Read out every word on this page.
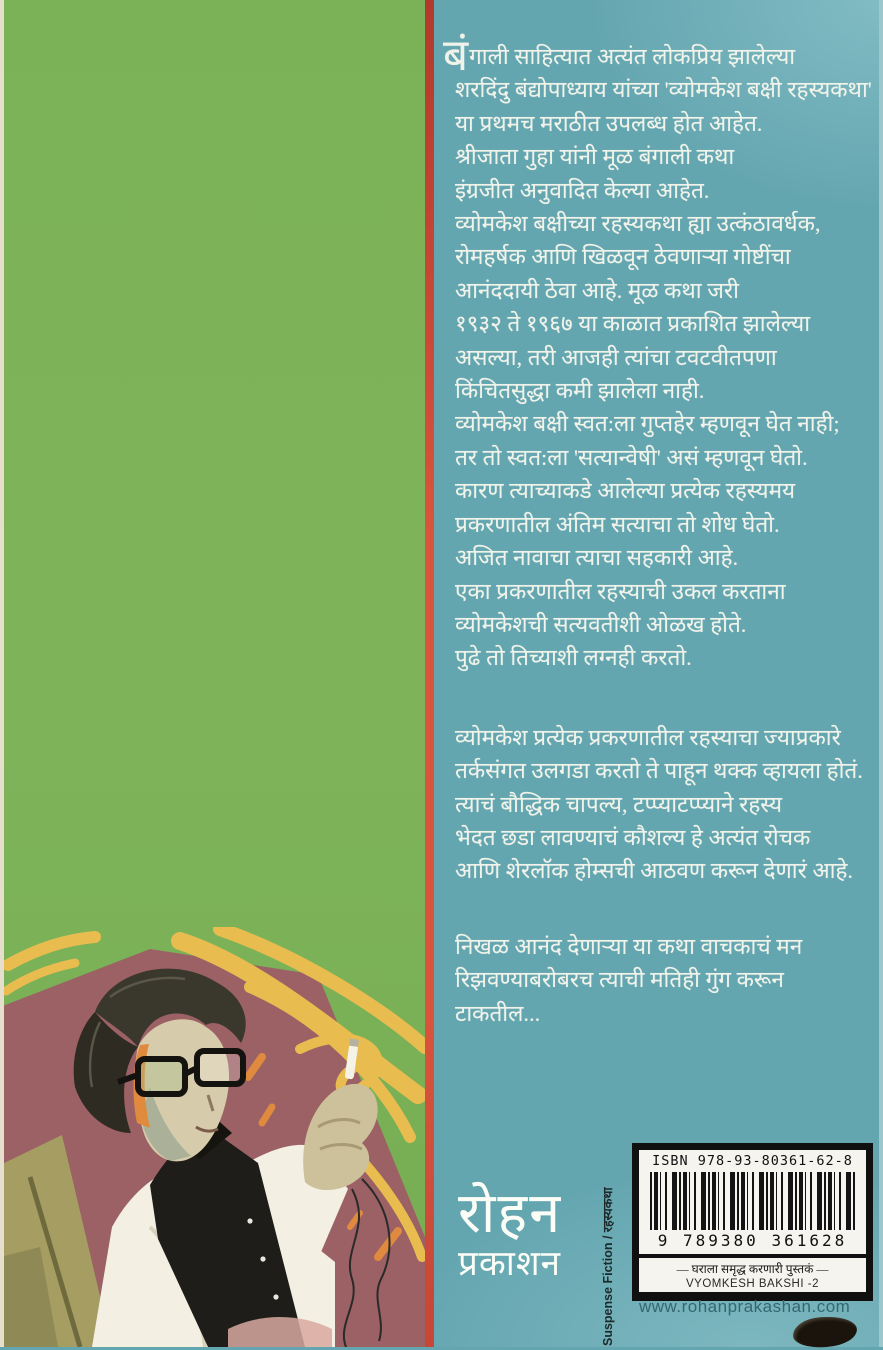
बंगाली साहित्यात अत्यंत लोकप्रिय झालेल्या
शरदिंदु बंद्योपाध्याय यांच्या 'व्योमकेश बक्षी रहस्यकथा'
या प्रथमच मराठीत उपलब्ध होत आहेत.
श्रीजाता गुहा यांनी मूळ बंगाली कथा
इंग्रजीत अनुवादित केल्या आहेत.
व्योमकेश बक्षीच्या रहस्यकथा ह्या उत्कंठावर्धक,
रोमहर्षक आणि खिळवून ठेवणाऱ्या गोष्टींचा
आनंददायी ठेवा आहे. मूळ कथा जरी
१९३२ ते १९६७ या काळात प्रकाशित झालेल्या
असल्या, तरी आजही त्यांचा टवटवीतपणा
किंचितसुद्धा कमी झालेला नाही.
व्योमकेश बक्षी स्वत:ला गुप्तहेर म्हणवून घेत नाही;
तर तो स्वत:ला 'सत्यान्वेषी' असं म्हणवून घेतो.
कारण त्याच्याकडे आलेल्या प्रत्येक रहस्यमय
प्रकरणातील अंतिम सत्याचा तो शोध घेतो.
अजित नावाचा त्याचा सहकारी आहे.
एका प्रकरणातील रहस्याची उकल करताना
व्योमकेशची सत्यवतीशी ओळख होते.
पुढे तो तिच्याशी लग्नही करतो.
व्योमकेश प्रत्येक प्रकरणातील रहस्याचा ज्याप्रकारे
तर्कसंगत उलगडा करतो ते पाहून थक्क व्हायला होतं.
त्याचं बौद्धिक चापल्य, टप्प्याटप्प्याने रहस्य
भेदत छडा लावण्याचं कौशल्य हे अत्यंत रोचक
आणि शेरलॉक होम्सची आठवण करून देणारं आहे.
निखळ आनंद देणाऱ्या या कथा वाचकाचं मन
रिझवण्याबरोबरच त्याची मतिही गुंग करून
टाकतील...
रोहन
प्रकाशन	Suspense Fiction / रहस्यकथा
ISBN 978-93-80361-62-8
9 789380 361628
— घराला समृद्ध करणारी पुस्तकं —
VYOMKESH BAKSHI -2
www.rohanprakashan.com
